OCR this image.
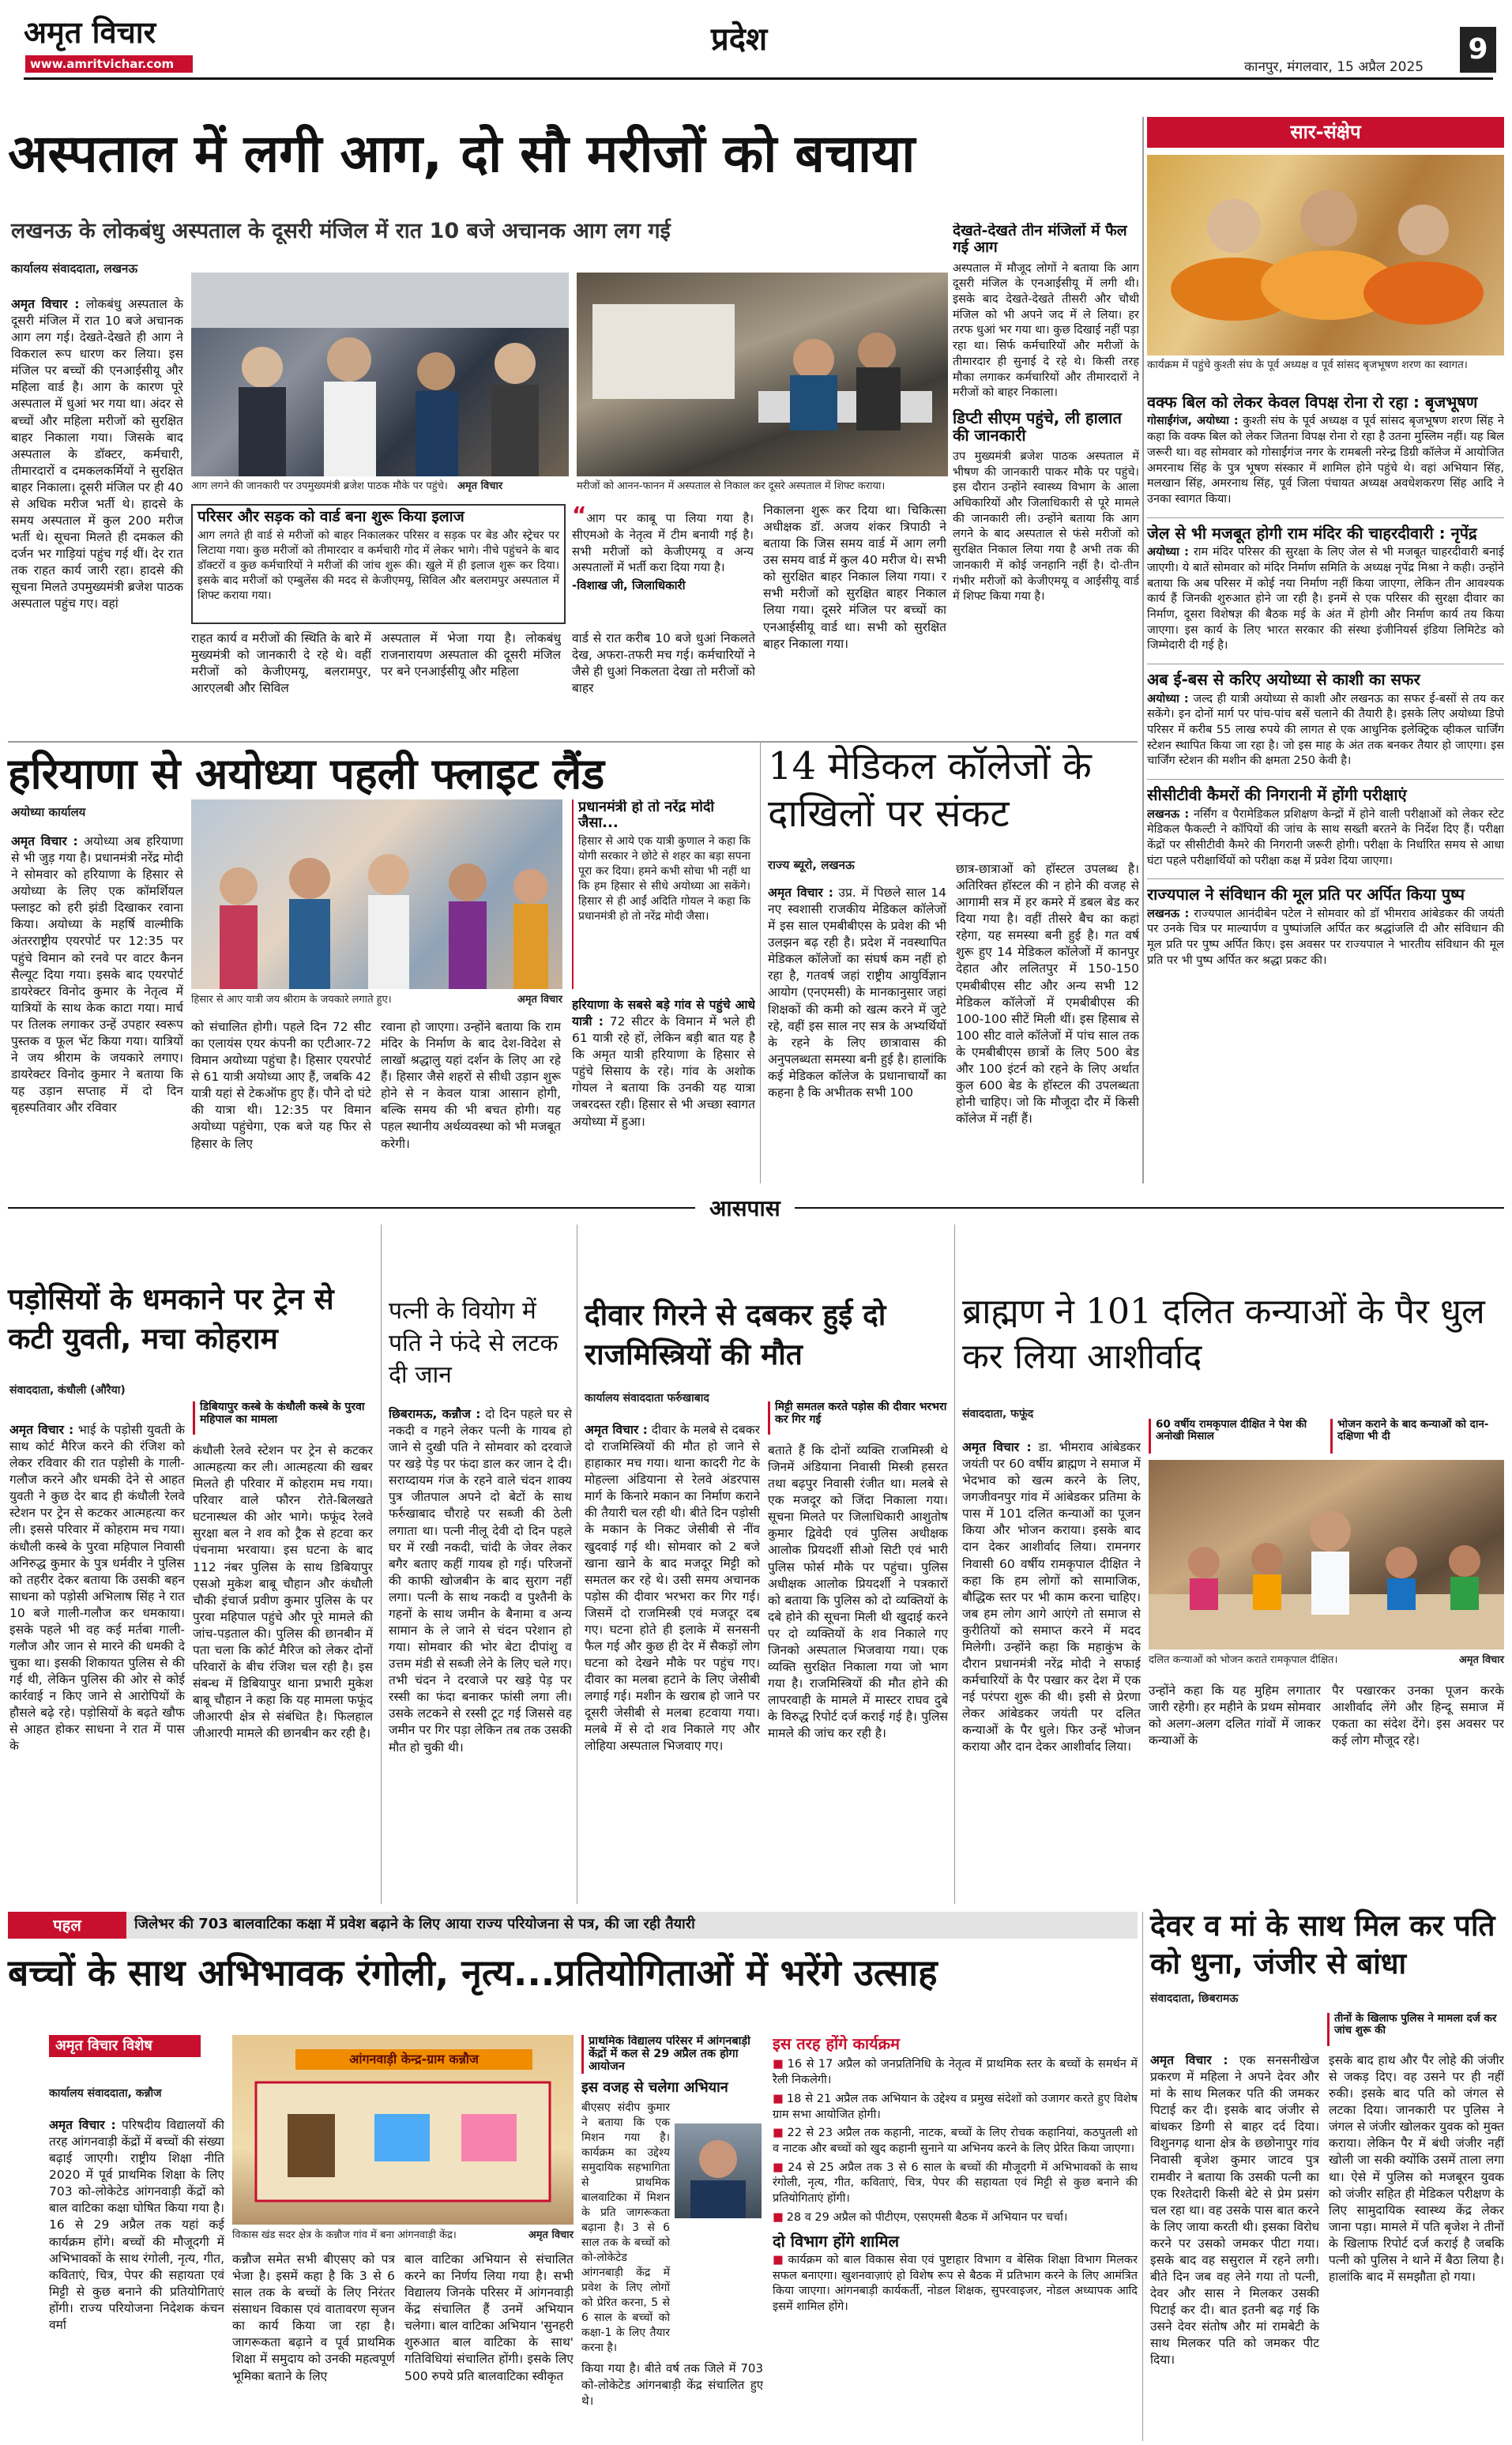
अमृत विचार
www.amritvichar.com
प्रदेश
कानपुर, मंगलवार, 15 अप्रैल 2025
9
अस्पताल में लगी आग, दो सौ मरीजों को बचाया
लखनऊ के लोकबंधु अस्पताल के दूसरी मंजिल में रात 10 बजे अचानक आग लग गई
कार्यालय संवाददाता, लखनऊ
अमृत विचार : लोकबंधु अस्पताल के दूसरी मंजिल में रात 10 बजे अचानक आग लग गई। देखते-देखते ही आग ने विकराल रूप धारण कर लिया। इस मंजिल पर बच्चों की एनआईसीयू और महिला वार्ड है। आग के कारण पूरे अस्पताल में धुआं भर गया था। अंदर से बच्चों और महिला मरीजों को सुरक्षित बाहर निकाला गया। जिसके बाद अस्पताल के डॉक्टर, कर्मचारी, तीमारदारों व दमकलकर्मियों ने सुरक्षित बाहर निकाला। दूसरी मंजिल पर ही 40 से अधिक मरीज भर्ती थे। हादसे के समय अस्पताल में कुल 200 मरीज भर्ती थे। सूचना मिलते ही दमकल की दर्जन भर गाड़ियां पहुंच गई थीं। देर रात तक राहत कार्य जारी रहा। हादसे की सूचना मिलते उपमुख्यमंत्री ब्रजेश पाठक अस्पताल पहुंच गए। वहां
आग लगने की जानकारी पर उपमुख्यमंत्री ब्रजेश पाठक मौके पर पहुंचे। अमृत विचार	मरीजों को आनन-फानन में अस्पताल से निकाल कर दूसरे अस्पताल में शिफ्ट कराया।
देखते-देखते तीन मंजिलों में फैल गई आग
अस्पताल में मौजूद लोगों ने बताया कि आग दूसरी मंजिल के एनआईसीयू में लगी थी। इसके बाद देखते-देखते तीसरी और चौथी मंजिल को भी अपने जद में ले लिया। हर तरफ धुआं भर गया था। कुछ दिखाई नहीं पड़ा रहा था। सिर्फ कर्मचारियों और मरीजों के तीमारदार ही सुनाई दे रहे थे। किसी तरह मौका लगाकर कर्मचारियों और तीमारदारों ने मरीजों को बाहर निकाला।
डिप्टी सीएम पहुंचे, ली हालात की जानकारी
उप मुख्यमंत्री ब्रजेश पाठक अस्पताल में भीषण की जानकारी पाकर मौके पर पहुंचे। इस दौरान उन्होंने स्वास्थ्य विभाग के आला अधिकारियों और जिलाधिकारी से पूरे मामले की जानकारी ली। उन्होंने बताया कि आग लगने के बाद अस्पताल से फंसे मरीजों को सुरक्षित निकाल लिया गया है अभी तक की जानकारी में कोई जनहानि नहीं है। दो-तीन गंभीर मरीजों को केजीएमयू व आईसीयू वार्ड में शिफ्ट किया गया है।
परिसर और सड़क को वार्ड बना शुरू किया इलाज
आग लगते ही वार्ड से मरीजों को बाहर निकालकर परिसर व सड़क पर बेड और स्ट्रेचर पर लिटाया गया। कुछ मरीजों को तीमारदार व कर्मचारी गोद में लेकर भागे। नीचे पहुंचने के बाद डॉक्टरों व कुछ कर्मचारियों ने मरीजों की जांच शुरू की। खुले में ही इलाज शुरू कर दिया। इसके बाद मरीजों को एम्बुलेंस की मदद से केजीएमयू, सिविल और बलरामपुर अस्पताल में शिफ्ट कराया गया।
राहत कार्य व मरीजों की स्थिति के बारे में मुख्यमंत्री को जानकारी दे रहे थे। वहीं मरीजों को केजीएमयू, बलरामपुर, आरएलबी और सिविल
अस्पताल में भेजा गया है। लोकबंधु राजनारायण अस्पताल की दूसरी मंजिल पर बने एनआईसीयू और महिला
“आग पर काबू पा लिया गया है। सीएमओ के नेतृत्व में टीम बनायी गई है। सभी मरीजों को केजीएमयू व अन्य अस्पतालों में भर्ती करा दिया गया है।
-विशाख जी, जिलाधिकारी
वार्ड से रात करीब 10 बजे धुआं निकलते देख, अफरा-तफरी मच गई। कर्मचारियों ने जैसे ही धुआं निकलता देखा तो मरीजों को बाहर
निकालना शुरू कर दिया था। चिकित्सा अधीक्षक डॉ. अजय शंकर त्रिपाठी ने बताया कि जिस समय वार्ड में आग लगी उस समय वार्ड में कुल 40 मरीज थे। सभी को सुरक्षित बाहर निकाल लिया गया। र सभी मरीजों को सुरक्षित बाहर निकाल लिया गया। दूसरे मंजिल पर बच्चों का एनआईसीयू वार्ड था। सभी को सुरक्षित बाहर निकाला गया।
सार-संक्षेप
कार्यक्रम में पहुंचे कुश्ती संघ के पूर्व अध्यक्ष व पूर्व सांसद बृजभूषण शरण का स्वागत।
वक्फ बिल को लेकर केवल विपक्ष रोना रो रहा : बृजभूषण
गोसाईंगंज, अयोध्या : कुश्ती संघ के पूर्व अध्यक्ष व पूर्व सांसद बृजभूषण शरण सिंह ने कहा कि वक्फ बिल को लेकर जितना विपक्ष रोना रो रहा है उतना मुस्लिम नहीं। यह बिल जरूरी था। वह सोमवार को गोसाईंगंज नगर के रामबली नरेन्द्र डिग्री कॉलेज में आयोजित अमरनाथ सिंह के पुत्र भूषण संस्कार में शामिल होने पहुंचे थे। वहां अभियान सिंह, मलखान सिंह, अमरनाथ सिंह, पूर्व जिला पंचायत अध्यक्ष अवधेशकरण सिंह आदि ने उनका स्वागत किया।
जेल से भी मजबूत होगी राम मंदिर की चाहरदीवारी : नृपेंद्र
अयोध्या : राम मंदिर परिसर की सुरक्षा के लिए जेल से भी मजबूत चाहरदीवारी बनाई जाएगी। ये बातें सोमवार को मंदिर निर्माण समिति के अध्यक्ष नृपेंद्र मिश्रा ने कही। उन्होंने बताया कि अब परिसर में कोई नया निर्माण नहीं किया जाएगा, लेकिन तीन आवश्यक कार्य हैं जिनकी शुरुआत होने जा रही है। इनमें से एक परिसर की सुरक्षा दीवार का निर्माण, दूसरा विशेषज्ञ की बैठक मई के अंत में होगी और निर्माण कार्य तय किया जाएगा। इस कार्य के लिए भारत सरकार की संस्था इंजीनियर्स इंडिया लिमिटेड को जिम्मेदारी दी गई है।
अब ई-बस से करिए अयोध्या से काशी का सफर
अयोध्या : जल्द ही यात्री अयोध्या से काशी और लखनऊ का सफर ई-बसों से तय कर सकेंगे। इन दोनों मार्ग पर पांच-पांच बसें चलाने की तैयारी है। इसके लिए अयोध्या डिपो परिसर में करीब 55 लाख रुपये की लागत से एक आधुनिक इलेक्ट्रिक व्हीकल चार्जिंग स्टेशन स्थापित किया जा रहा है। जो इस माह के अंत तक बनकर तैयार हो जाएगा। इस चार्जिंग स्टेशन की मशीन की क्षमता 250 केवी है।
सीसीटीवी कैमरों की निगरानी में होंगी परीक्षाएं
लखनऊ : नर्सिंग व पैरामेडिकल प्रशिक्षण केन्द्रों में होने वाली परीक्षाओं को लेकर स्टेट मेडिकल फैकल्टी ने कॉपियों की जांच के साथ सख्ती बरतने के निर्देश दिए हैं। परीक्षा केंद्रों पर सीसीटीवी कैमरे की निगरानी जरूरी होगी। परीक्षा के निर्धारित समय से आधा घंटा पहले परीक्षार्थियों को परीक्षा कक्ष में प्रवेश दिया जाएगा।
राज्यपाल ने संविधान की मूल प्रति पर अर्पित किया पुष्प
लखनऊ : राज्यपाल आनंदीबेन पटेल ने सोमवार को डॉ भीमराव आंबेडकर की जयंती पर उनके चित्र पर माल्यार्पण व पुष्पांजलि अर्पित कर श्रद्धांजलि दी और संविधान की मूल प्रति पर पुष्प अर्पित किए। इस अवसर पर राज्यपाल ने भारतीय संविधान की मूल प्रति पर भी पुष्प अर्पित कर श्रद्धा प्रकट की।
हरियाणा से अयोध्या पहली फ्लाइट लैंड
अयोध्या कार्यालय
अमृत विचार : अयोध्या अब हरियाणा से भी जुड़ गया है। प्रधानमंत्री नरेंद्र मोदी ने सोमवार को हरियाणा के हिसार से अयोध्या के लिए एक कॉमर्शियल फ्लाइट को हरी झंडी दिखाकर रवाना किया। अयोध्या के महर्षि वाल्मीकि अंतरराष्ट्रीय एयरपोर्ट पर 12:35 पर पहुंचे विमान को रनवे पर वाटर कैनन सैल्यूट दिया गया। इसके बाद एयरपोर्ट डायरेक्टर विनोद कुमार के नेतृत्व में यात्रियों के साथ केक काटा गया। मार्च पर तिलक लगाकर उन्हें उपहार स्वरूप पुस्तक व फूल भेंट किया गया। यात्रियों ने जय श्रीराम के जयकारे लगाए। डायरेक्टर विनोद कुमार ने बताया कि यह उड़ान सप्ताह में दो दिन बृहस्पतिवार और रविवार
हिसार से आए यात्री जय श्रीराम के जयकारे लगाते हुए।	अमृत विचार
प्रधानमंत्री हो तो नरेंद्र मोदी जैसा...
हिसार से आये एक यात्री कुणाल ने कहा कि योगी सरकार ने छोटे से शहर का बड़ा सपना पूरा कर दिया। हमने कभी सोचा भी नहीं था कि हम हिसार से सीधे अयोध्या आ सकेंगे। हिसार से ही आईं अदिति गोयल ने कहा कि प्रधानमंत्री हो तो नरेंद्र मोदी जैसा।
को संचालित होगी। पहले दिन 72 सीट का एलायंस एयर कंपनी का एटीआर-72 विमान अयोध्या पहुंचा है। हिसार एयरपोर्ट से 61 यात्री अयोध्या आए हैं, जबकि 42 यात्री यहां से टेकऑफ हुए हैं। पौने दो घंटे की यात्रा थी। 12:35 पर विमान अयोध्या पहुंचेगा, एक बजे यह फिर से हिसार के लिए
रवाना हो जाएगा। उन्होंने बताया कि राम मंदिर के निर्माण के बाद देश-विदेश से लाखों श्रद्धालु यहां दर्शन के लिए आ रहे हैं। हिसार जैसे शहरों से सीधी उड़ान शुरू होने से न केवल यात्रा आसान होगी, बल्कि समय की भी बचत होगी। यह पहल स्थानीय अर्थव्यवस्था को भी मजबूत करेगी।
हरियाणा के सबसे बड़े गांव से पहुंचे आधे यात्री : 72 सीटर के विमान में भले ही 61 यात्री रहे हों, लेकिन बड़ी बात यह है कि अमृत यात्री हरियाणा के हिसार से पहुंचे सिसाय के रहे। गांव के अशोक गोयल ने बताया कि उनकी यह यात्रा जबरदस्त रही। हिसार से भी अच्छा स्वागत अयोध्या में हुआ।
14 मेडिकल कॉलेजों के दाखिलों पर संकट
राज्य ब्यूरो, लखनऊ
अमृत विचार : उप्र. में पिछले साल 14 नए स्वशासी राजकीय मेडिकल कॉलेजों में इस साल एमबीबीएस के प्रवेश की भी उलझन बढ़ रही है। प्रदेश में नवस्थापित मेडिकल कॉलेजों का संघर्ष कम नहीं हो रहा है, गतवर्ष जहां राष्ट्रीय आयुर्विज्ञान आयोग (एनएमसी) के मानकानुसार जहां शिक्षकों की कमी को खत्म करने में जुटे रहे, वहीं इस साल नए सत्र के अभ्यर्थियों के रहने के लिए छात्रावास की अनुपलब्धता समस्या बनी हुई है। हालांकि कई मेडिकल कॉलेज के प्रधानाचार्यों का कहना है कि अभीतक सभी 100
छात्र-छात्राओं को हॉस्टल उपलब्ध है। अतिरिक्त हॉस्टल की न होने की वजह से आगामी सत्र में हर कमरे में डबल बेड कर दिया गया है। वहीं तीसरे बैच का कहां रहेगा, यह समस्या बनी हुई है। गत वर्ष शुरू हुए 14 मेडिकल कॉलेजों में कानपुर देहात और ललितपुर में 150-150 एमबीबीएस सीट और अन्य सभी 12 मेडिकल कॉलेजों में एमबीबीएस की 100-100 सीटें मिली थीं। इस हिसाब से 100 सीट वाले कॉलेजों में पांच साल तक के एमबीबीएस छात्रों के लिए 500 बेड और 100 इंटर्न को रहने के लिए अर्थात कुल 600 बेड के हॉस्टल की उपलब्धता होनी चाहिए। जो कि मौजूदा दौर में किसी कॉलेज में नहीं हैं।
आसपास
पड़ोसियों के धमकाने पर ट्रेन से कटी युवती, मचा कोहराम
संवाददाता, कंधौली (औरैया)
अमृत विचार : भाई के पड़ोसी युवती के साथ कोर्ट मैरिज करने की रंजिश को लेकर रविवार की रात पड़ोसी के गाली-गलौज करने और धमकी देने से आहत युवती ने कुछ देर बाद ही कंधौली रेलवे स्टेशन पर ट्रेन से कटकर आत्महत्या कर ली। इससे परिवार में कोहराम मच गया। कंधौली कस्बे के पुरवा महिपाल निवासी अनिरुद्ध कुमार के पुत्र धर्मवीर ने पुलिस को तहरीर देकर बताया कि उसकी बहन साधना को पड़ोसी अभिलाष सिंह ने रात 10 बजे गाली-गलौज कर धमकाया। इसके पहले भी वह कई मर्तबा गाली-गलौज और जान से मारने की धमकी दे चुका था। इसकी शिकायत पुलिस से की गई थी, लेकिन पुलिस की ओर से कोई कार्रवाई न किए जाने से आरोपियों के हौसले बढ़े रहे। पड़ोसियों के बढ़ते खौफ से आहत होकर साधना ने रात में पास के
डिबियापुर कस्बे के कंधौली कस्बे के पुरवा महिपाल का मामला
कंधौली रेलवे स्टेशन पर ट्रेन से कटकर आत्महत्या कर ली। आत्महत्या की खबर मिलते ही परिवार में कोहराम मच गया। परिवार वाले फौरन रोते-बिलखते घटनास्थल की ओर भागे। फफूंद रेलवे सुरक्षा बल ने शव को ट्रैक से हटवा कर पंचनामा भरवाया। इस घटना के बाद 112 नंबर पुलिस के साथ डिबियापुर एसओ मुकेश बाबू चौहान और कंधौली चौकी इंचार्ज प्रवीण कुमार पुलिस के पर पुरवा महिपाल पहुंचे और पूरे मामले की जांच-पड़ताल की। पुलिस की छानबीन में पता चला कि कोर्ट मैरिज को लेकर दोनों परिवारों के बीच रंजिश चल रही है। इस संबन्ध में डिबियापुर थाना प्रभारी मुकेश बाबू चौहान ने कहा कि यह मामला फफूंद जीआरपी क्षेत्र से संबंधित है। फिलहाल जीआरपी मामले की छानबीन कर रही है।
पत्नी के वियोग में पति ने फंदे से लटक दी जान
छिबरामऊ, कन्नौज : दो दिन पहले घर से नकदी व गहने लेकर पत्नी के गायब हो जाने से दुखी पति ने सोमवार को दरवाजे पर खड़े पेड़ पर फंदा डाल कर जान दे दी। सराय्दायम गंज के रहने वाले चंदन शाक्य पुत्र जीतपाल अपने दो बेटों के साथ फर्रुखाबाद चौराहे पर सब्जी की ठेली लगाता था। पत्नी नीलू देवी दो दिन पहले घर में रखी नकदी, चांदी के जेवर लेकर बगैर बताए कहीं गायब हो गई। परिजनों की काफी खोजबीन के बाद सुराग नहीं लगा। पत्नी के साथ नकदी व पुश्तैनी के गहनों के साथ जमीन के बैनामा व अन्य सामान के ले जाने से चंदन परेशान हो गया। सोमवार की भोर बेटा दीपांशु व उत्तम मंडी से सब्जी लेने के लिए चले गए। तभी चंदन ने दरवाजे पर खड़े पेड़ पर रस्सी का फंदा बनाकर फांसी लगा ली। उसके लटकने से रस्सी टूट गई जिससे वह जमीन पर गिर पड़ा लेकिन तब तक उसकी मौत हो चुकी थी।
दीवार गिरने से दबकर हुई दो राजमिस्त्रियों की मौत
कार्यालय संवाददाता फर्रुखाबाद
अमृत विचार : दीवार के मलबे से दबकर दो राजमिस्त्रियों की मौत हो जाने से हाहाकार मच गया। थाना कादरी गेट के मोहल्ला अंडियाना से रेलवे अंडरपास मार्ग के किनारे मकान का निर्माण कराने की तैयारी चल रही थी। बीते दिन पड़ोसी के मकान के निकट जेसीबी से नींव खुदवाई गई थी। सोमवार को 2 बजे खाना खाने के बाद मजदूर मिट्टी को समतल कर रहे थे। उसी समय अचानक पड़ोस की दीवार भरभरा कर गिर गई। जिसमें दो राजमिस्त्री एवं मजदूर दब गए। घटना होते ही इलाके में सनसनी फैल गई और कुछ ही देर में सैकड़ों लोग घटना को देखने मौके पर पहुंच गए। दीवार का मलबा हटाने के लिए जेसीबी लगाई गई। मशीन के खराब हो जाने पर दूसरी जेसीबी से मलबा हटवाया गया। मलबे में से दो शव निकाले गए और लोहिया अस्पताल भिजवाए गए।
मिट्टी समतल करते पड़ोस की दीवार भरभरा कर गिर गई
बताते हैं कि दोनों व्यक्ति राजमिस्त्री थे जिनमें अंडियाना निवासी मिस्त्री हसरत तथा बढ़पुर निवासी रंजीत था। मलबे से एक मजदूर को जिंदा निकाला गया। सूचना मिलते पर जिलाधिकारी आशुतोष कुमार द्विवेदी एवं पुलिस अधीक्षक आलोक प्रियदर्शी सीओ सिटी एवं भारी पुलिस फोर्स मौके पर पहुंचा। पुलिस अधीक्षक आलोक प्रियदर्शी ने पत्रकारों को बताया कि पुलिस को दो व्यक्तियों के दबे होने की सूचना मिली थी खुदाई करने पर दो व्यक्तियों के शव निकाले गए जिनको अस्पताल भिजवाया गया। एक व्यक्ति सुरक्षित निकाला गया जो भाग गया है। राजमिस्त्रियों की मौत होने की लापरवाही के मामले में मास्टर राघव दुबे के विरुद्ध रिपोर्ट दर्ज कराई गई है। पुलिस मामले की जांच कर रही है।
ब्राह्मण ने 101 दलित कन्याओं के पैर धुल कर लिया आशीर्वाद
संवाददाता, फफूंद
अमृत विचार : डा. भीमराव आंबेडकर जयंती पर 60 वर्षीय ब्राह्मण ने समाज में भेदभाव को खत्म करने के लिए, जगजीवनपुर गांव में आंबेडकर प्रतिमा के पास में 101 दलित कन्याओं का पूजन किया और भोजन कराया। इसके बाद दान देकर आशीर्वाद लिया। रामनगर निवासी 60 वर्षीय रामकृपाल दीक्षित ने कहा कि हम लोगों को सामाजिक, बौद्धिक स्तर पर भी काम करना चाहिए। जब हम लोग आगे आएंगे तो समाज से कुरीतियों को समाप्त करने में मदद मिलेगी। उन्होंने कहा कि महाकुंभ के दौरान प्रधानमंत्री नरेंद्र मोदी ने सफाई कर्मचारियों के पैर पखार कर देश में एक नई परंपरा शुरू की थी। इसी से प्रेरणा लेकर आंबेडकर जयंती पर दलित कन्याओं के पैर धुले। फिर उन्हें भोजन कराया और दान देकर आशीर्वाद लिया।
60 वर्षीय रामकृपाल दीक्षित ने पेश की अनोखी मिसाल
भोजन कराने के बाद कन्याओं को दान-दक्षिणा भी दी
दलित कन्याओं को भोजन कराते रामकृपाल दीक्षित।	अमृत विचार
उन्होंने कहा कि यह मुहिम लगातार जारी रहेगी। हर महीने के प्रथम सोमवार को अलग-अलग दलित गांवों में जाकर कन्याओं के
पैर पखारकर उनका पूजन करके आशीर्वाद लेंगे और हिन्दू समाज में एकता का संदेश देंगे। इस अवसर पर कई लोग मौजूद रहे।
पहल	जिलेभर की 703 बालवाटिका कक्षा में प्रवेश बढ़ाने के लिए आया राज्य परियोजना से पत्र, की जा रही तैयारी
बच्चों के साथ अभिभावक रंगोली, नृत्य...प्रतियोगिताओं में भरेंगे उत्साह
अमृत विचार विशेष
कार्यालय संवाददाता, कन्नौज
अमृत विचार : परिषदीय विद्यालयों की तरह आंगनवाड़ी केंद्रों में बच्चों की संख्या बढ़ाई जाएगी। राष्ट्रीय शिक्षा नीति 2020 में पूर्व प्राथमिक शिक्षा के लिए 703 को-लोकेटेड आंगनवाड़ी केंद्रों को बाल वाटिका कक्षा घोषित किया गया है। 16 से 29 अप्रैल तक यहां कई कार्यक्रम होंगे। बच्चों की मौजूदगी में अभिभावकों के साथ रंगोली, नृत्य, गीत, कविताएं, चित्र, पेपर की सहायता एवं मिट्टी से कुछ बनाने की प्रतियोगिताएं होंगी। राज्य परियोजना निदेशक कंचन वर्मा
आंगनवाड़ी केन्द्र-ग्राम कन्नौज
विकास खंड सदर क्षेत्र के कन्नौज गांव में बना आंगनवाड़ी केंद्र।	अमृत विचार
कन्नौज समेत सभी बीएसए को पत्र भेजा है। इसमें कहा है कि 3 से 6 साल तक के बच्चों के लिए निरंतर संसाधन विकास एवं वातावरण सृजन का कार्य किया जा रहा है। जागरूकता बढ़ाने व पूर्व प्राथमिक शिक्षा में समुदाय को उनकी महत्वपूर्ण भूमिका बताने के लिए
बाल वाटिका अभियान से संचालित करने का निर्णय लिया गया है। सभी विद्यालय जिनके परिसर में आंगनवाड़ी केंद्र संचालित हैं उनमें अभियान चलेगा। बाल वाटिका अभियान 'सुनहरी शुरुआत बाल वाटिका के साथ' गतिविधियां संचालित होंगी। इसके लिए 500 रुपये प्रति बालवाटिका स्वीकृत
प्राथमिक विद्यालय परिसर में आंगनबाड़ी केंद्रों में कल से 29 अप्रैल तक होगा आयोजन
इस वजह से चलेगा अभियान
बीएसए संदीप कुमार ने बताया कि एक मिशन गया है। कार्यक्रम का उद्देश्य समुदायिक सहभागिता से प्राथमिक बालवाटिका में मिशन के प्रति जागरूकता बढ़ाना है। 3 से 6 साल तक के बच्चों को को-लोकेटेड आंगनबाड़ी केंद्र में प्रवेश के लिए लोगों को प्रेरित करना, 5 से 6 साल के बच्चों को कक्षा-1 के लिए तैयार करना है।
किया गया है। बीते वर्ष तक जिले में 703 को-लोकेटेड आंगनबाड़ी केंद्र संचालित हुए थे।
इस तरह होंगे कार्यक्रम
■ 16 से 17 अप्रैल को जनप्रतिनिधि के नेतृत्व में प्राथमिक स्तर के बच्चों के समर्थन में रैली निकलेगी।
■ 18 से 21 अप्रैल तक अभियान के उद्देश्य व प्रमुख संदेशों को उजागर करते हुए विशेष ग्राम सभा आयोजित होगी।
■ 22 से 23 अप्रैल तक कहानी, नाटक, बच्चों के लिए रोचक कहानियां, कठपुतली शो व नाटक और बच्चों को खुद कहानी सुनाने या अभिनय करने के लिए प्रेरित किया जाएगा।
■ 24 से 25 अप्रैल तक 3 से 6 साल के बच्चों की मौजूदगी में अभिभावकों के साथ रंगोली, नृत्य, गीत, कविताएं, चित्र, पेपर की सहायता एवं मिट्टी से कुछ बनाने की प्रतियोगिताएं होंगी।
■ 28 व 29 अप्रैल को पीटीएम, एसएमसी बैठक में अभियान पर चर्चा।
दो विभाग होंगे शामिल
■ कार्यक्रम को बाल विकास सेवा एवं पुष्टाहार विभाग व बेसिक शिक्षा विभाग मिलकर सफल बनाएगा। खुशनवाज़ाएं हो विशेष रूप से बैठक में प्रतिभाग करने के लिए आमंत्रित किया जाएगा। आंगनबाड़ी कार्यकर्ती, नोडल शिक्षक, सुपरवाइजर, नोडल अध्यापक आदि इसमें शामिल होंगे।
देवर व मां के साथ मिल कर पति को धुना, जंजीर से बांधा
संवाददाता, छिबरामऊ
तीनों के खिलाफ पुलिस ने मामला दर्ज कर जांच शुरू की
अमृत विचार : एक सनसनीखेज प्रकरण में महिला ने अपने देवर और मां के साथ मिलकर पति की जमकर पिटाई कर दी। इसके बाद जंजीर से बांधकर डिग्गी से बाहर दर्द दिया। विशुनगढ़ थाना क्षेत्र के छछोनापुर गांव निवासी बृजेश कुमार जाटव पुत्र रामवीर ने बताया कि उसकी पत्नी का एक रिश्तेदारी किसी बेटे से प्रेम प्रसंग चल रहा था। वह उसके पास बात करने के लिए जाया करती थी। इसका विरोध करने पर उसको जमकर पीटा गया। इसके बाद वह ससुराल में रहने लगी। बीते दिन जब वह लेने गया तो पत्नी, देवर और सास ने मिलकर उसकी पिटाई कर दी। बात इतनी बढ़ गई कि उसने देवर संतोष और मां रामबेटी के साथ मिलकर पति को जमकर पीट दिया।
इसके बाद हाथ और पैर लोहे की जंजीर से जकड़ दिए। वह उसने पर ही नहीं रुकी। इसके बाद पति को जंगल से लटका दिया। जानकारी पर पुलिस ने जंगल से जंजीर खोलकर युवक को मुक्त कराया। लेकिन पैर में बंधी जंजीर नहीं खोली जा सकी क्योंकि उसमें ताला लगा था। ऐसे में पुलिस को मजबूरन युवक को जंजीर सहित ही मेडिकल परीक्षण के लिए सामुदायिक स्वास्थ्य केंद्र लेकर जाना पड़ा। मामले में पति बृजेश ने तीनों के खिलाफ रिपोर्ट दर्ज कराई है जबकि पत्नी को पुलिस ने थाने में बैठा लिया है। हालांकि बाद में समझौता हो गया।
